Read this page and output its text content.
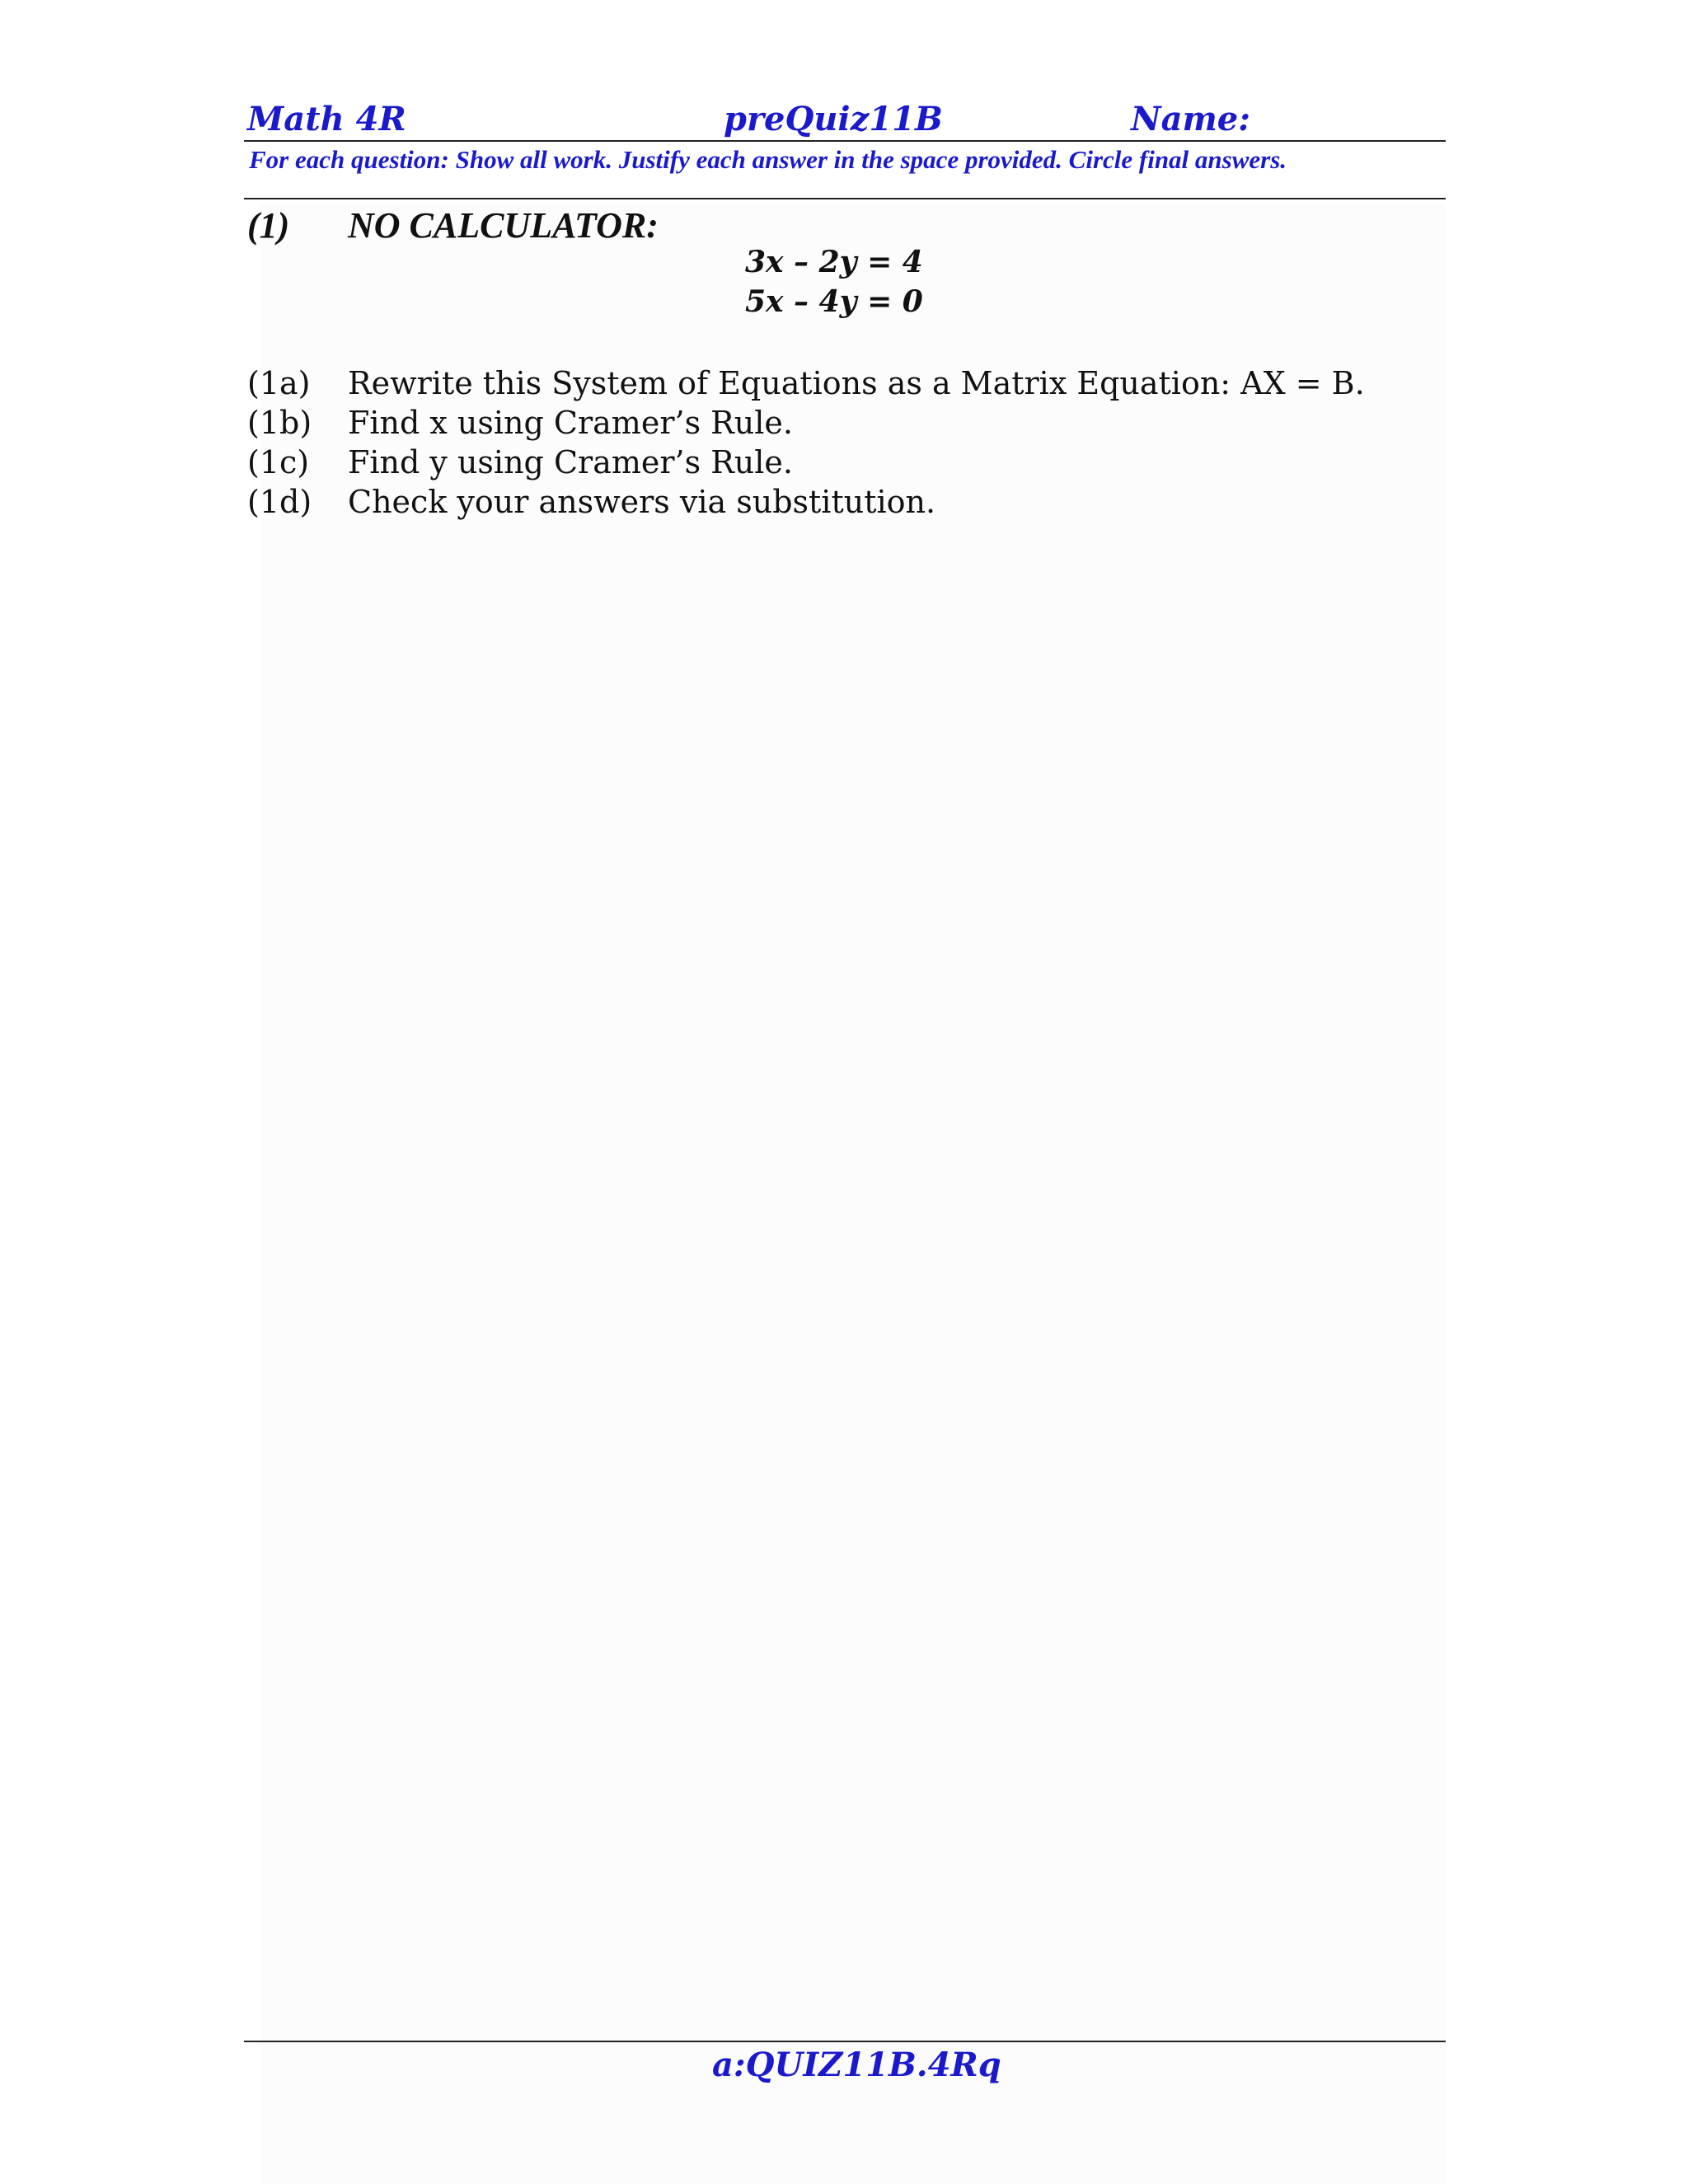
Math 4R	preQuiz11B	Name:
For each question: Show all work. Justify each answer in the space provided. Circle final answers.
(1) NO CALCULATOR:
3x – 2y = 4
5x – 4y = 0
(1a) Rewrite this System of Equations as a Matrix Equation: AX = B.
(1b) Find x using Cramer’s Rule.
(1c) Find y using Cramer’s Rule.
(1d) Check your answers via substitution.
a:QUIZ11B.4Rq
